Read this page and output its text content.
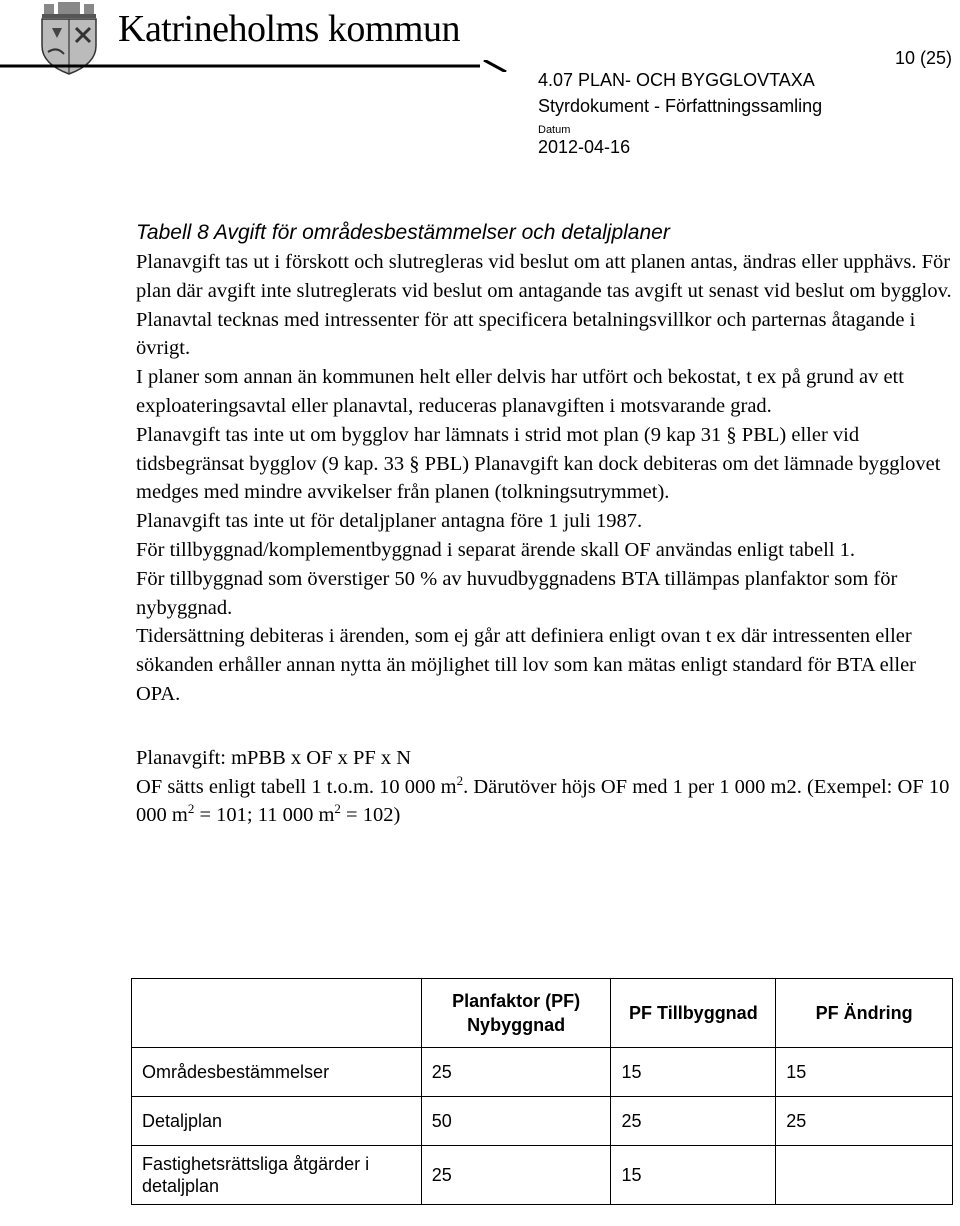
Katrineholms kommun
10 (25)
4.07 PLAN- OCH BYGGLOVTAXA
Styrdokument - Författningssamling
Datum
2012-04-16

Tabell 8 Avgift för områdesbestämmelser och detaljplaner

Planavgift tas ut i förskott och slutregleras vid beslut om att planen antas, ändras eller upphävs. För plan där avgift inte slutreglerats vid beslut om antagande tas avgift ut senast vid beslut om bygglov.

Planavtal tecknas med intressenter för att specificera betalningsvillkor och parternas åtagande i övrigt.

I planer som annan än kommunen helt eller delvis har utfört och bekostat, t ex på grund av ett exploateringsavtal eller planavtal, reduceras planavgiften i motsvarande grad.

Planavgift tas inte ut om bygglov har lämnats i strid mot plan (9 kap 31 § PBL) eller vid tidsbegränsat bygglov (9 kap. 33 § PBL) Planavgift kan dock debiteras om det lämnade bygglovet medges med mindre avvikelser från planen (tolkningsutrymmet).

Planavgift tas inte ut för detaljplaner antagna före 1 juli 1987.

För tillbyggnad/komplementbyggnad i separat ärende skall OF användas enligt tabell 1.

För tillbyggnad som överstiger 50 % av huvudbyggnadens BTA tillämpas planfaktor som för nybyggnad.

Tidersättning debiteras i ärenden, som ej går att definiera enligt ovan t ex där intressenten eller sökanden erhåller annan nytta än möjlighet till lov som kan mätas enligt standard för BTA eller OPA.

Planavgift: mPBB x OF x PF x N

OF sätts enligt tabell 1 t.o.m. 10 000 $m^2$. Därutöver höjs OF med 1 per 1 000 m2. (Exempel: OF 10 000 $m^2 = 101$; 11 000 $m^2 = 102$)

	Planfaktor (PF) Nybyggnad	PF Tillbyggnad	PF Ändring
Områdesbestämmelser	25	15	15
Detaljplan	50	25	25
Fastighetsrättsliga åtgärder i detaljplan	25	15	
